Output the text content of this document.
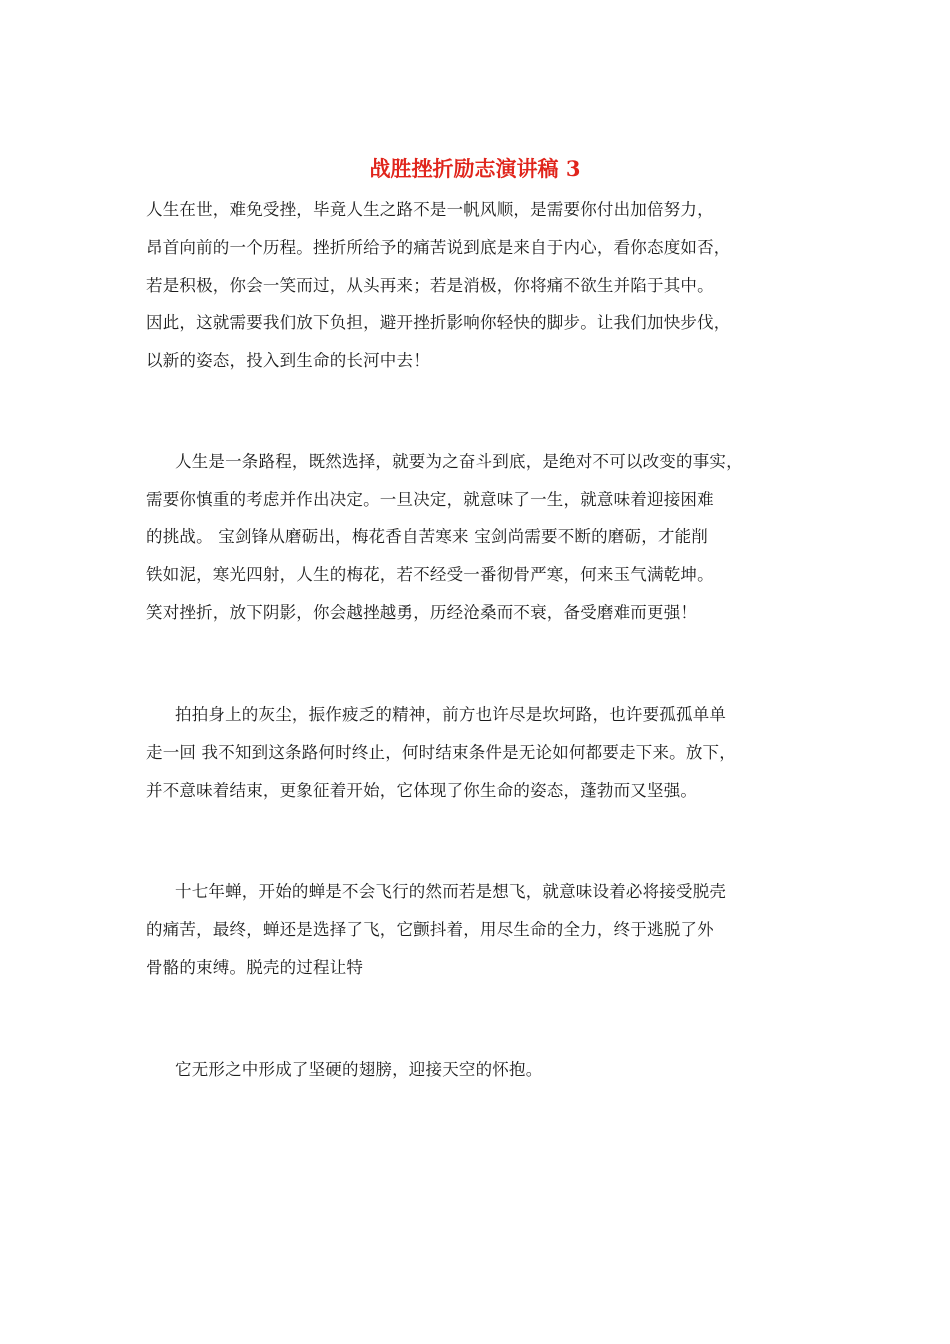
战胜挫折励志演讲稿 3

人生在世，难免受挫，毕竟人生之路不是一帆风顺，是需要你付出加倍努力，

昂首向前的一个历程。挫折所给予的痛苦说到底是来自于内心，看你态度如否，

若是积极，你会一笑而过，从头再来；若是消极，你将痛不欲生并陷于其中。

因此，这就需要我们放下负担，避开挫折影响你轻快的脚步。让我们加快步伐，

以新的姿态，投入到生命的长河中去！

人生是一条路程，既然选择，就要为之奋斗到底，是绝对不可以改变的事实，

需要你慎重的考虑并作出决定。一旦决定，就意味了一生，就意味着迎接困难

的挑战。 宝剑锋从磨砺出，梅花香自苦寒来 宝剑尚需要不断的磨砺，才能削

铁如泥，寒光四射，人生的梅花，若不经受一番彻骨严寒，何来玉气满乾坤。

笑对挫折，放下阴影，你会越挫越勇，历经沧桑而不衰，备受磨难而更强！

拍拍身上的灰尘，振作疲乏的精神，前方也许尽是坎坷路，也许要孤孤单单

走一回 我不知到这条路何时终止，何时结束条件是无论如何都要走下来。放下，

并不意味着结束，更象征着开始，它体现了你生命的姿态，蓬勃而又坚强。

十七年蝉，开始的蝉是不会飞行的然而若是想飞，就意味设着必将接受脱壳

的痛苦，最终，蝉还是选择了飞，它颤抖着，用尽生命的全力，终于逃脱了外

骨骼的束缚。脱壳的过程让特

它无形之中形成了坚硬的翅膀，迎接天空的怀抱。
